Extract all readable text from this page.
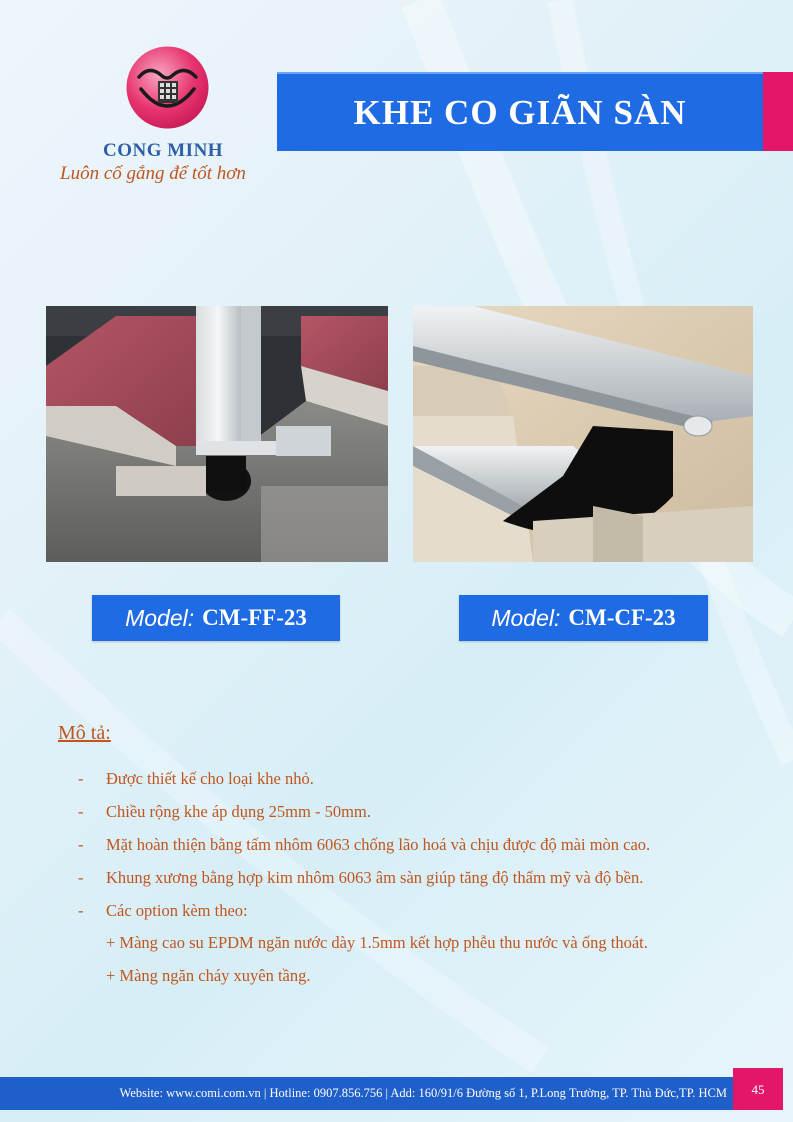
CONG MINH
Luôn cố gắng để tốt hơn
KHE CO GIÃN SÀN
Model: CM-FF-23	Model: CM-CF-23
Mô tả:
-	Được thiết kế cho loại khe nhỏ.
-	Chiều rộng khe áp dụng 25mm - 50mm.
-	Mặt hoàn thiện bằng tấm nhôm 6063 chống lão hoá và chịu được độ mài mòn cao.
-	Khung xương bằng hợp kim nhôm 6063 âm sàn giúp tăng độ thẩm mỹ và độ bền.
-	Các option kèm theo:
+ Màng cao su EPDM ngăn nước dày 1.5mm kết hợp phễu thu nước và ống thoát.
+ Màng ngăn cháy xuyên tầng.
Website: www.comi.com.vn | Hotline: 0907.856.756 | Add: 160/91/6 Đường số 1, P.Long Trường, TP. Thủ Đức,TP. HCM	45
